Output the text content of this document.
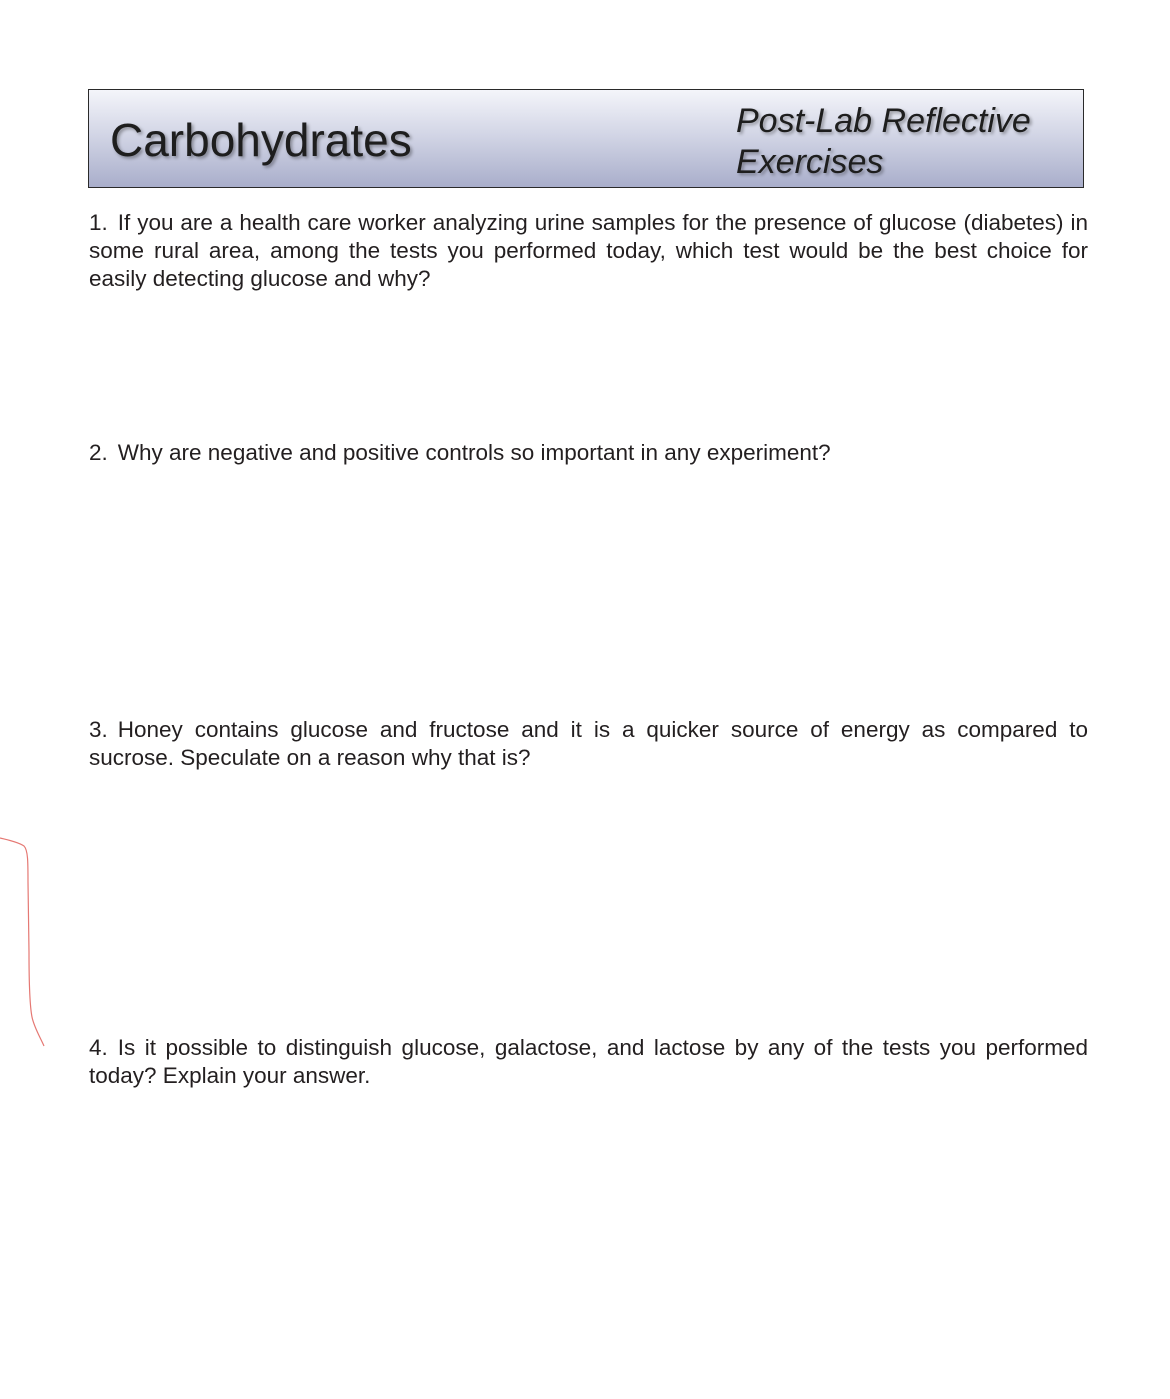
Carbohydrates	Post-Lab Reflective Exercises
1. If you are a health care worker analyzing urine samples for the presence of glucose (diabetes) in some rural area, among the tests you performed today, which test would be the best choice for easily detecting glucose and why?
2. Why are negative and positive controls so important in any experiment?
3. Honey contains glucose and fructose and it is a quicker source of energy as compared to sucrose. Speculate on a reason why that is?
4. Is it possible to distinguish glucose, galactose, and lactose by any of the tests you performed today? Explain your answer.
